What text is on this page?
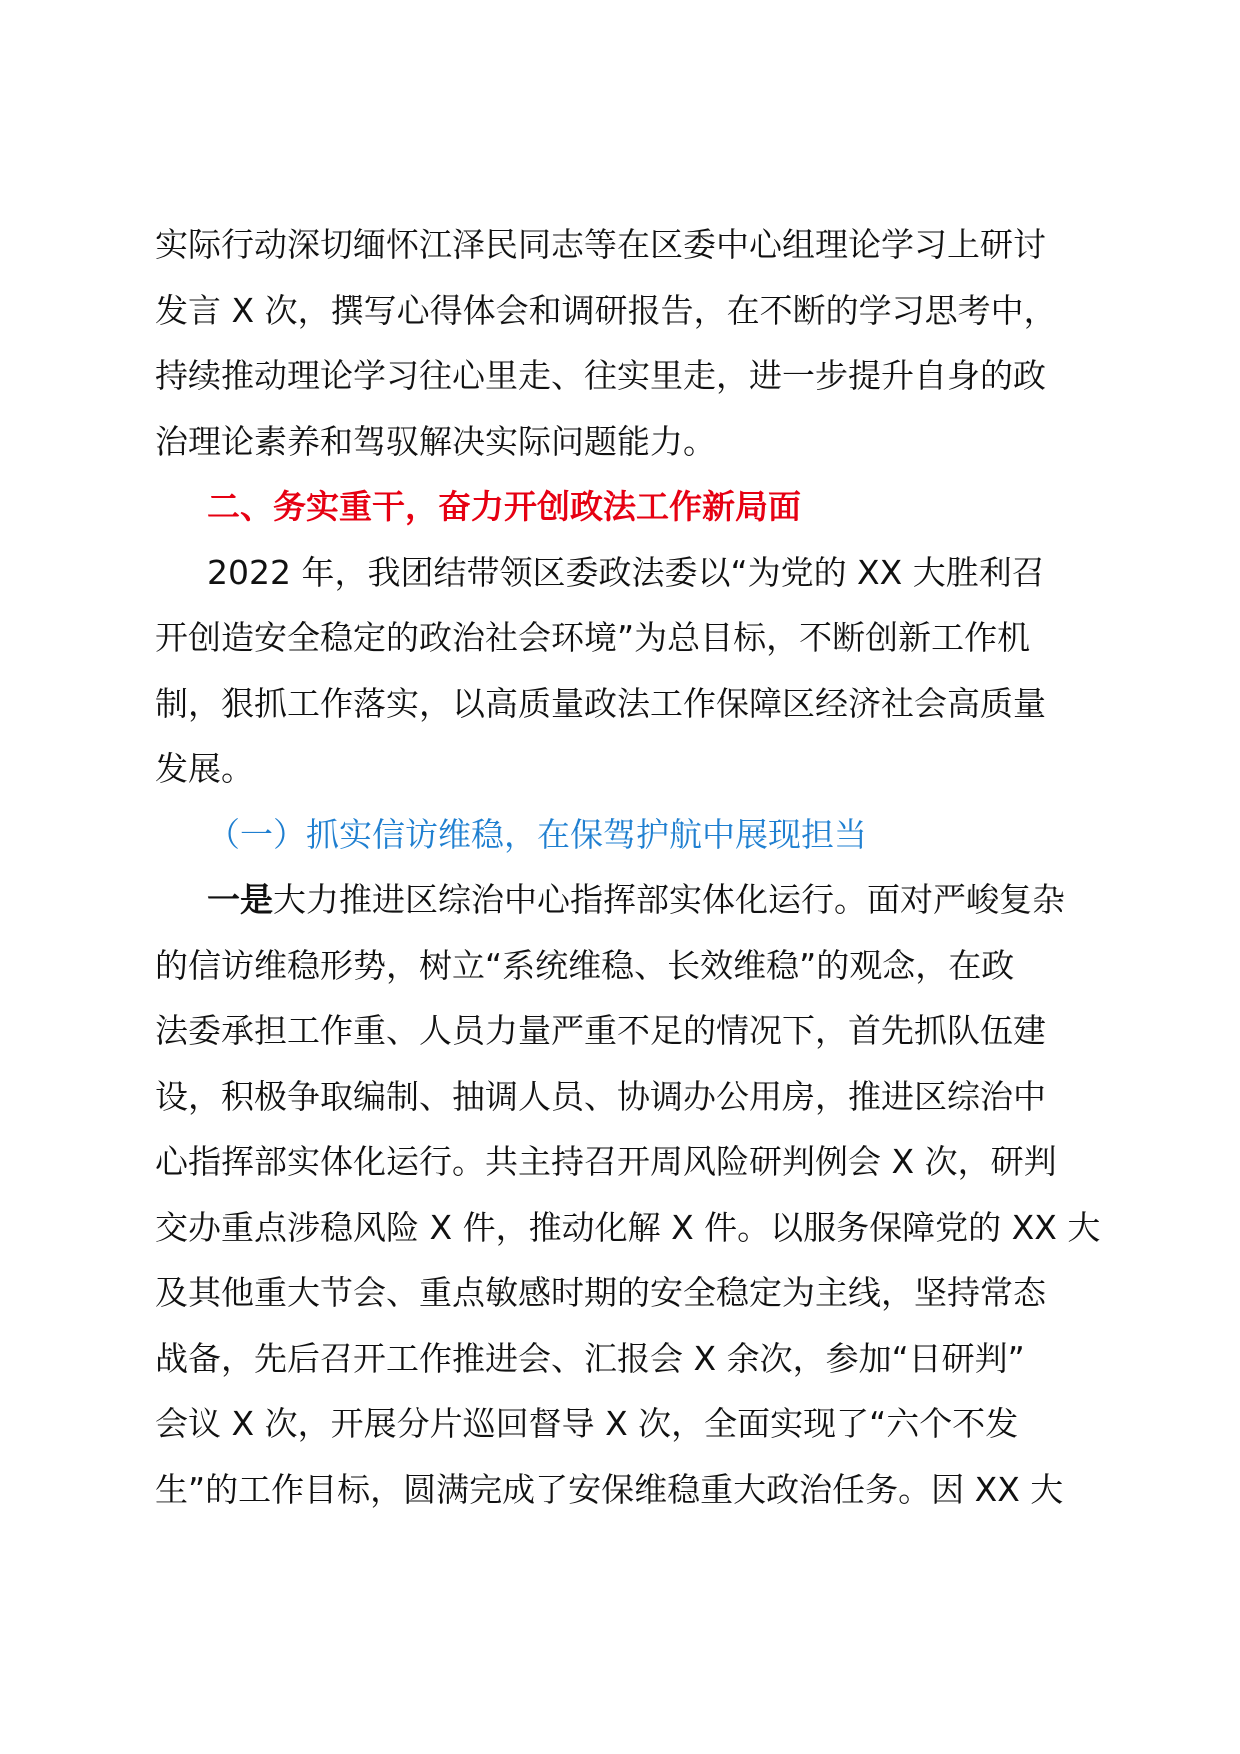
实际行动深切缅怀江泽民同志等在区委中心组理论学习上研讨
发言 X 次，撰写心得体会和调研报告，在不断的学习思考中，
持续推动理论学习往心里走、往实里走，进一步提升自身的政
治理论素养和驾驭解决实际问题能力。
二、务实重干，奋力开创政法工作新局面
2022 年，我团结带领区委政法委以“为党的 XX 大胜利召
开创造安全稳定的政治社会环境”为总目标，不断创新工作机
制，狠抓工作落实，以高质量政法工作保障区经济社会高质量
发展。
（一）抓实信访维稳，在保驾护航中展现担当
一是大力推进区综治中心指挥部实体化运行。面对严峻复杂
的信访维稳形势，树立“系统维稳、长效维稳”的观念，在政
法委承担工作重、人员力量严重不足的情况下，首先抓队伍建
设，积极争取编制、抽调人员、协调办公用房，推进区综治中
心指挥部实体化运行。共主持召开周风险研判例会 X 次，研判
交办重点涉稳风险 X 件，推动化解 X 件。以服务保障党的 XX 大
及其他重大节会、重点敏感时期的安全稳定为主线，坚持常态
战备，先后召开工作推进会、汇报会 X 余次，参加“日研判”
会议 X 次，开展分片巡回督导 X 次，全面实现了“六个不发
生”的工作目标，圆满完成了安保维稳重大政治任务。因 XX 大
